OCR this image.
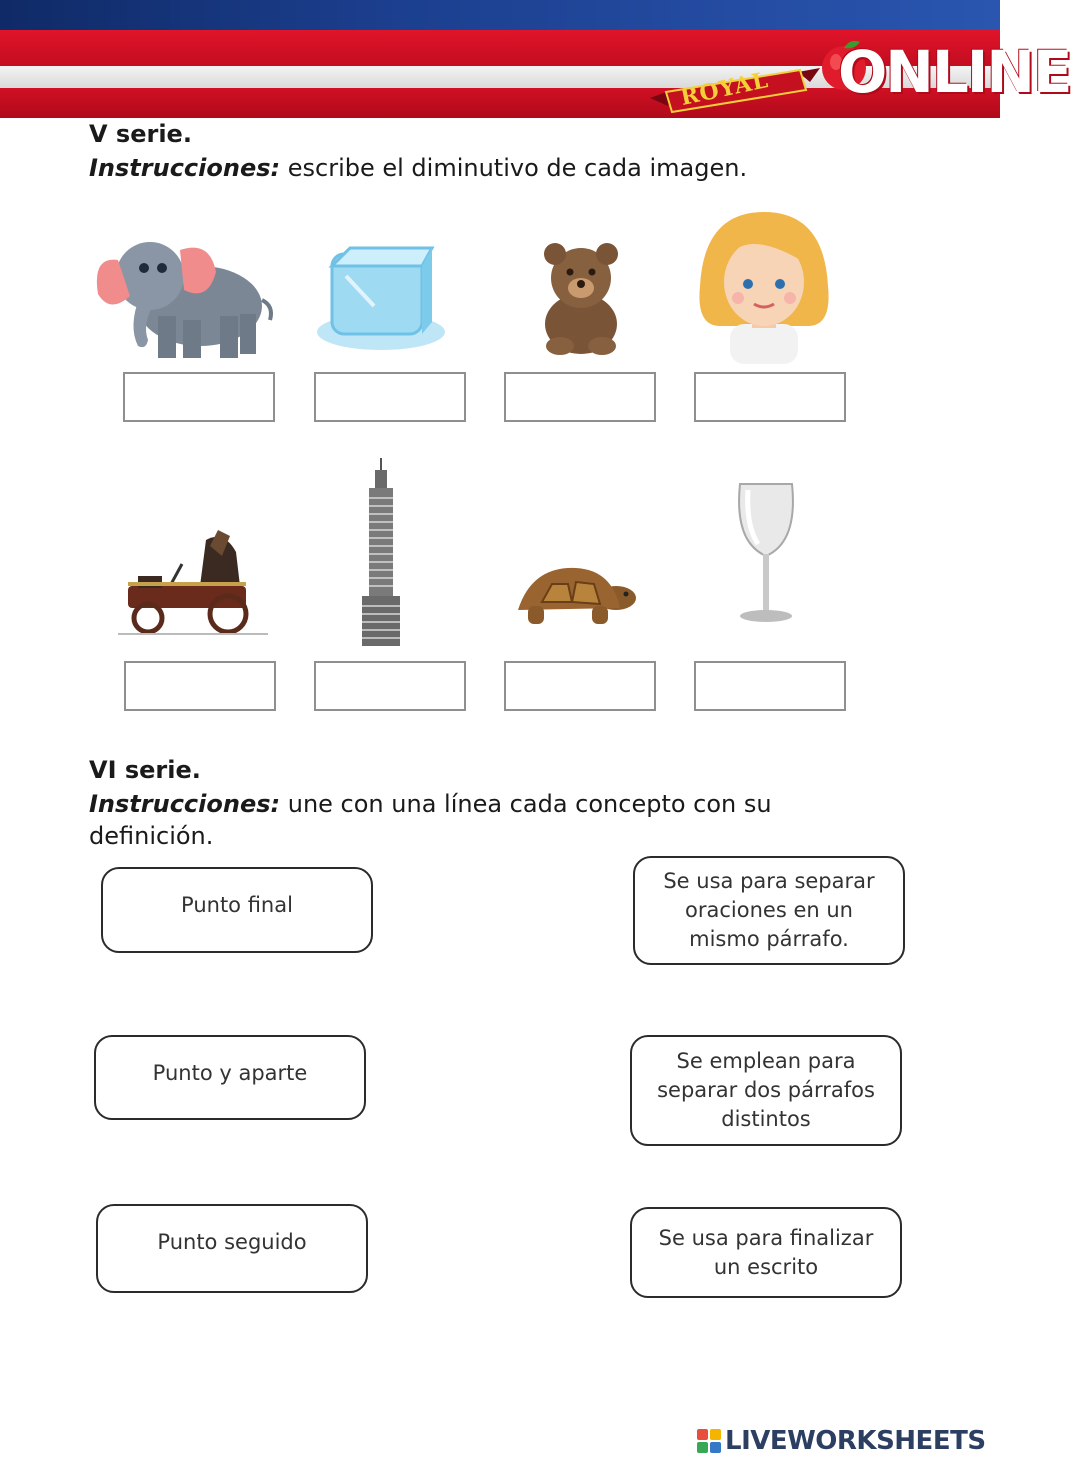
ROYAL ONLINE
V serie.
Instrucciones: escribe el diminutivo de cada imagen.
VI serie.
Instrucciones: une con una línea cada concepto con su definición.
Punto final
Punto y aparte
Punto seguido
Se usa para separar
oraciones en un
mismo párrafo.
Se emplean para
separar dos párrafos
distintos
Se usa para finalizar
un escrito
LIVEWORKSHEETS
